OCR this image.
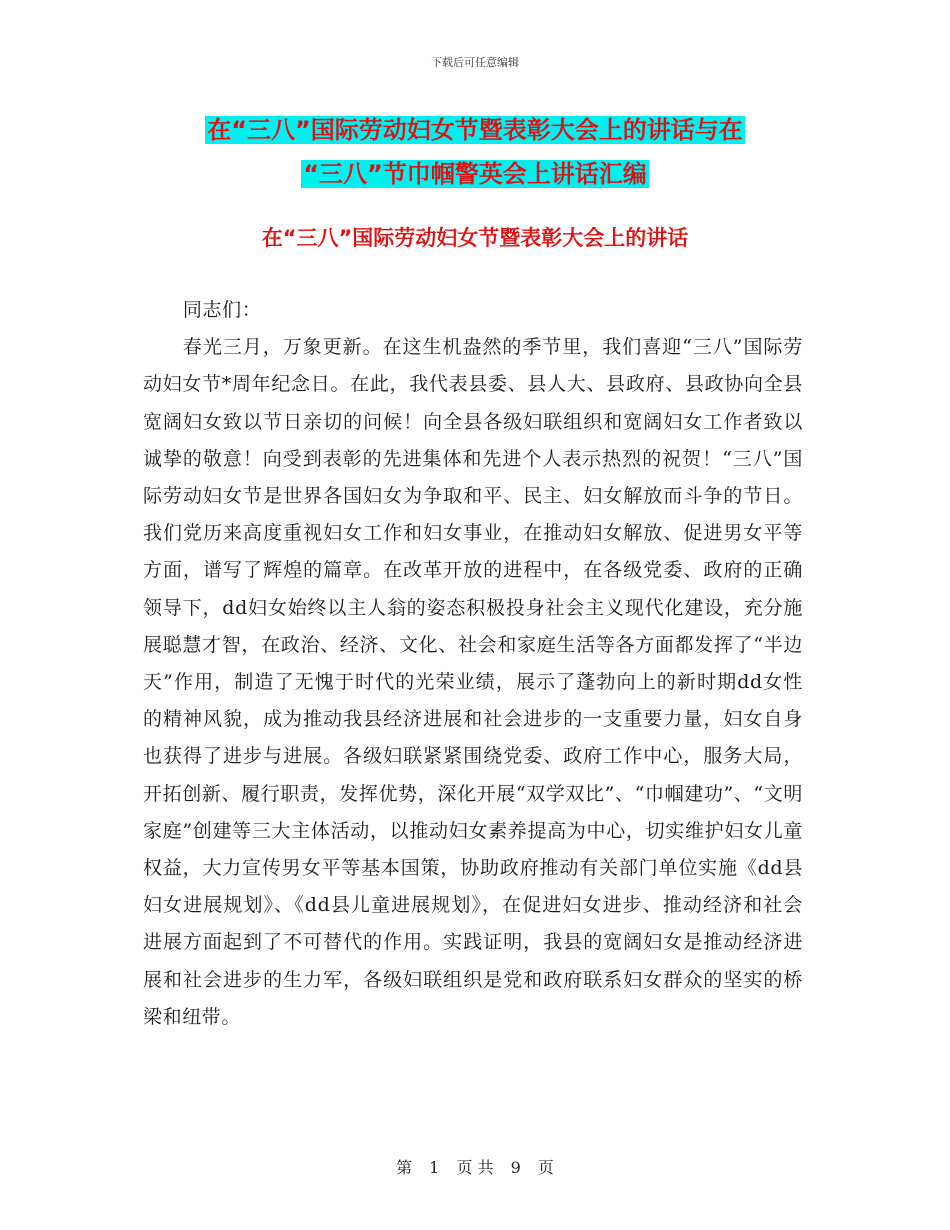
下载后可任意编辑
在“三八”国际劳动妇女节暨表彰大会上的讲话与在
“三八”节巾帼警英会上讲话汇编
在“三八”国际劳动妇女节暨表彰大会上的讲话

同志们：

春光三月，万象更新。在这生机盎然的季节里，我们喜迎“三八”国际劳动妇女节*周年纪念日。在此，我代表县委、县人大、县政府、县政协向全县宽阔妇女致以节日亲切的问候！向全县各级妇联组织和宽阔妇女工作者致以诚挚的敬意！向受到表彰的先进集体和先进个人表示热烈的祝贺！“三八”国际劳动妇女节是世界各国妇女为争取和平、民主、妇女解放而斗争的节日。我们党历来高度重视妇女工作和妇女事业，在推动妇女解放、促进男女平等方面，谱写了辉煌的篇章。在改革开放的进程中，在各级党委、政府的正确领导下，dd妇女始终以主人翁的姿态积极投身社会主义现代化建设，充分施展聪慧才智，在政治、经济、文化、社会和家庭生活等各方面都发挥了“半边天”作用，制造了无愧于时代的光荣业绩，展示了蓬勃向上的新时期dd女性的精神风貌，成为推动我县经济进展和社会进步的一支重要力量，妇女自身也获得了进步与进展。各级妇联紧紧围绕党委、政府工作中心，服务大局，开拓创新、履行职责，发挥优势，深化开展“双学双比”、“巾帼建功”、“文明家庭”创建等三大主体活动，以推动妇女素养提高为中心，切实维护妇女儿童权益，大力宣传男女平等基本国策，协助政府推动有关部门单位实施《dd县妇女进展规划》、《dd县儿童进展规划》，在促进妇女进步、推动经济和社会进展方面起到了不可替代的作用。实践证明，我县的宽阔妇女是推动经济进展和社会进步的生力军，各级妇联组织是党和政府联系妇女群众的坚实的桥梁和纽带。

第 1 页 共 9 页
